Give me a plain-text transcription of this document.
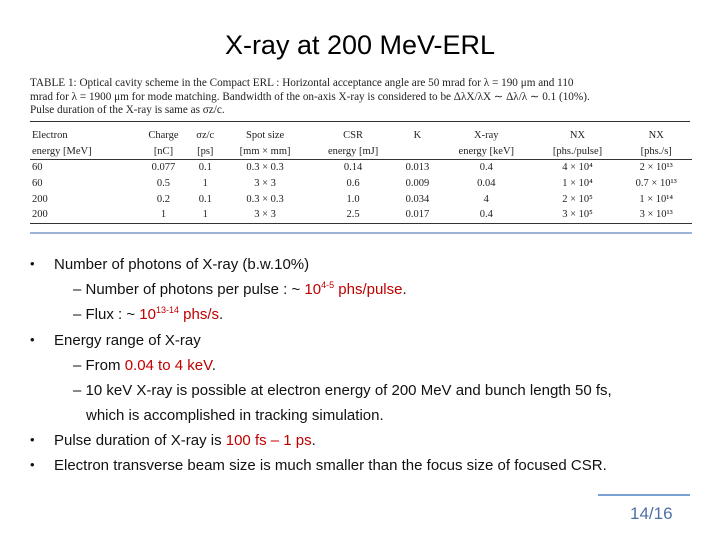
X-ray at 200 MeV-ERL
TABLE 1: Optical cavity scheme in the Compact ERL : Horizontal acceptance angle are 50 mrad for λ = 190 μm and 110
mrad for λ = 1900 μm for mode matching. Bandwidth of the on-axis X-ray is considered to be ΔλX/λX ∼ Δλ/λ ∼ 0.1 (10%).
Pulse duration of the X-ray is same as σz/c.
Electron	Charge	σz/c	Spot size	CSR	K	X-ray	NX	NX
energy [MeV]	[nC]	[ps]	[mm × mm]	energy [mJ]		energy [keV]	[phs./pulse]	[phs./s]
60	0.077	0.1	0.3 × 0.3	0.14	0.013	0.4	4 × 10⁴	2 × 10¹³
60	0.5	1	3 × 3	0.6	0.009	0.04	1 × 10⁴	0.7 × 10¹³
200	0.2	0.1	0.3 × 0.3	1.0	0.034	4	2 × 10⁵	1 × 10¹⁴
200	1	1	3 × 3	2.5	0.017	0.4	3 × 10⁵	3 × 10¹³
• Number of photons of X-ray (b.w.10%)
– Number of photons per pulse : ~ 10$^{4-5}$ phs/pulse.
– Flux : ~ 10$^{13-14}$ phs/s.
• Energy range of X-ray
– From 0.04 to 4 keV.
– 10 keV X-ray is possible at electron energy of 200 MeV and bunch length 50 fs,
which is accomplished in tracking simulation.
• Pulse duration of X-ray is 100 fs – 1 ps.
• Electron transverse beam size is much smaller than the focus size of focused CSR.
14/16
